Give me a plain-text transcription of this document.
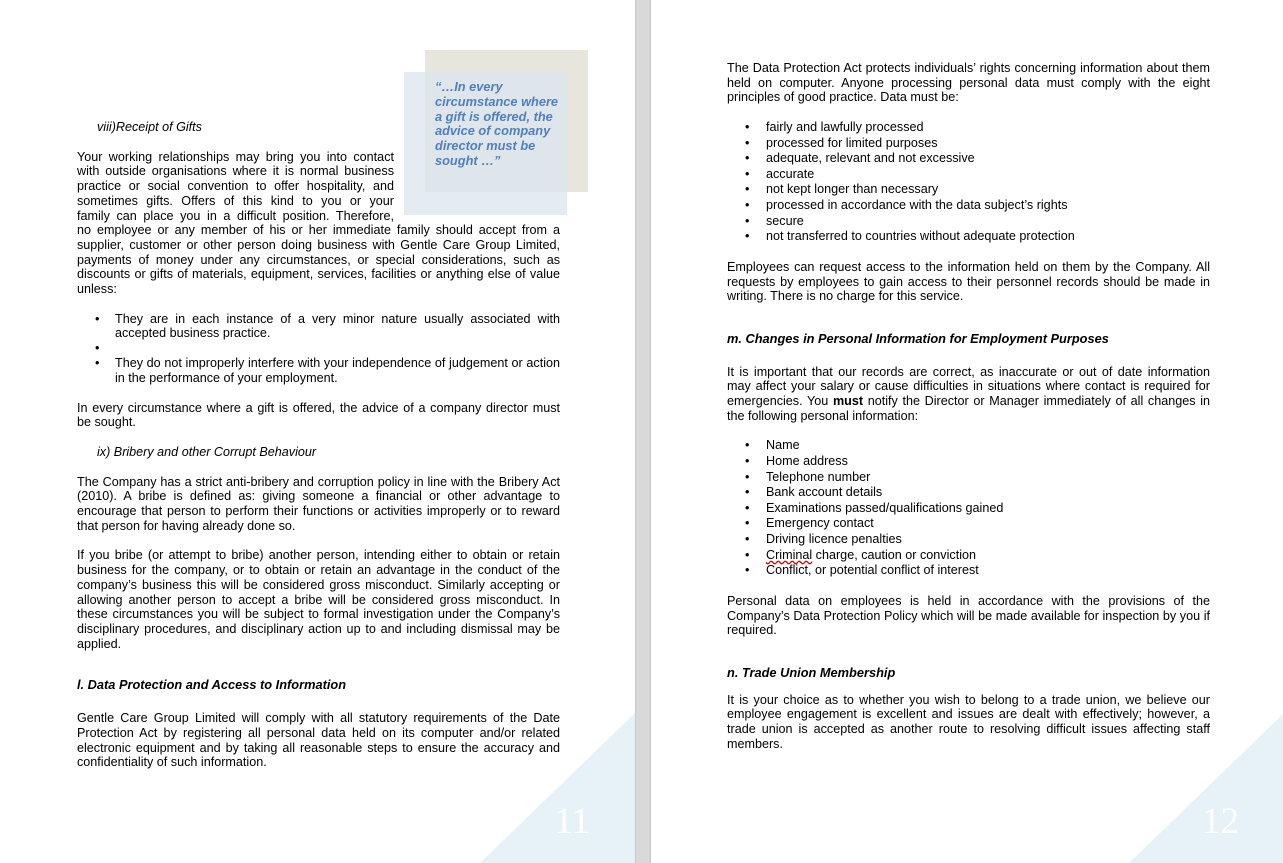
11
“…In every circumstance where a gift is offered, the advice of company director must be sought …”

viii)Receipt of Gifts

Your working relationships may bring you into contact

with outside organisations where it is normal business

practice or social convention to offer hospitality, and

sometimes gifts. Offers of this kind to you or your

family can place you in a difficult position. Therefore,

no employee or any member of his or her immediate family should accept from a supplier, customer or other person doing business with Gentle Care Group Limited, payments of money under any circumstances, or special considerations, such as discounts or gifts of materials, equipment, services, facilities or anything else of value unless:

• They are in each instance of a very minor nature usually associated with accepted business practice.

•

• They do not improperly interfere with your independence of judgement or action in the performance of your employment.

In every circumstance where a gift is offered, the advice of a company director must be sought.

ix) Bribery and other Corrupt Behaviour

The Company has a strict anti-bribery and corruption policy in line with the Bribery Act (2010). A bribe is defined as: giving someone a financial or other advantage to encourage that person to perform their functions or activities improperly or to reward that person for having already done so.

If you bribe (or attempt to bribe) another person, intending either to obtain or retain business for the company, or to obtain or retain an advantage in the conduct of the company’s business this will be considered gross misconduct. Similarly accepting or allowing another person to accept a bribe will be considered gross misconduct. In these circumstances you will be subject to formal investigation under the Company’s disciplinary procedures, and disciplinary action up to and including dismissal may be applied.

l. Data Protection and Access to Information

Gentle Care Group Limited will comply with all statutory requirements of the Date Protection Act by registering all personal data held on its computer and/or related electronic equipment and by taking all reasonable steps to ensure the accuracy and confidentiality of such information.

12

The Data Protection Act protects individuals’ rights concerning information about them held on computer. Anyone processing personal data must comply with the eight principles of good practice. Data must be:

• fairly and lawfully processed
• processed for limited purposes
• adequate, relevant and not excessive
• accurate
• not kept longer than necessary
• processed in accordance with the data subject’s rights
• secure
• not transferred to countries without adequate protection

Employees can request access to the information held on them by the Company. All requests by employees to gain access to their personnel records should be made in writing. There is no charge for this service.

m. Changes in Personal Information for Employment Purposes

It is important that our records are correct, as inaccurate or out of date information may affect your salary or cause difficulties in situations where contact is required for emergencies. You must notify the Director or Manager immediately of all changes in the following personal information:

• Name
• Home address
• Telephone number
• Bank account details
• Examinations passed/qualifications gained
• Emergency contact
• Driving licence penalties
• Criminal charge, caution or conviction
• Conflict, or potential conflict of interest

Personal data on employees is held in accordance with the provisions of the Company’s Data Protection Policy which will be made available for inspection by you if required.

n. Trade Union Membership

It is your choice as to whether you wish to belong to a trade union, we believe our employee engagement is excellent and issues are dealt with effectively; however, a trade union is accepted as another route to resolving difficult issues affecting staff members.
